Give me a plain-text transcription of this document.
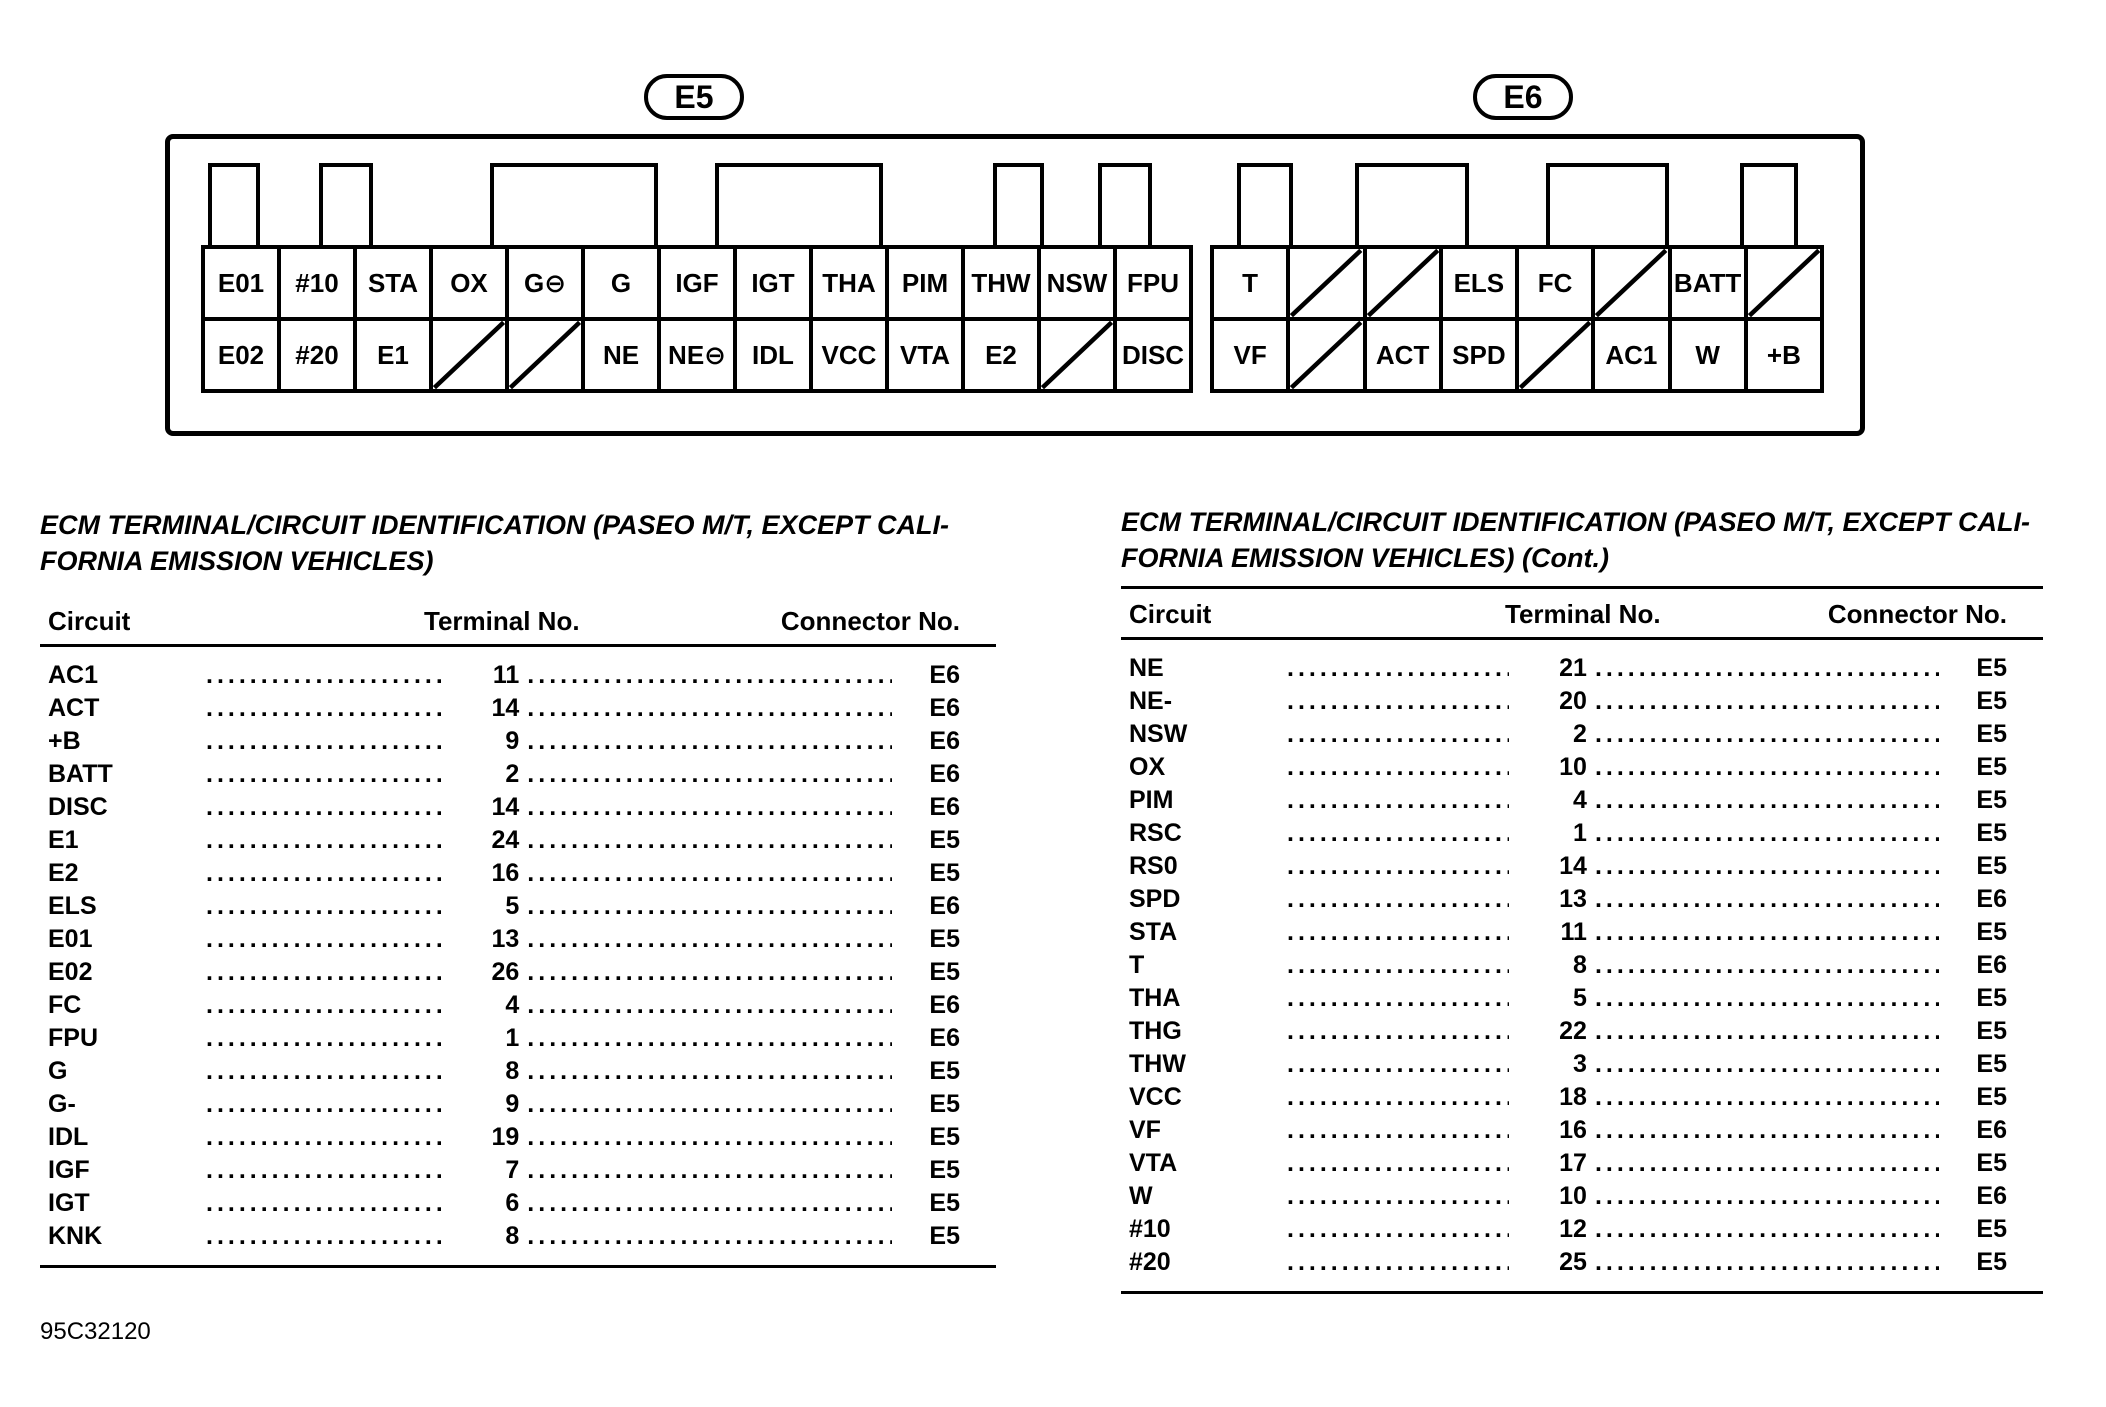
E5	E6
E01	#10	STA	OX	G⊖	G	IGF	IGT	THA	PIM	THW	NSW	FPU
E02	#20	E1			NE	NE⊖	IDL	VCC	VTA	E2		DISC
T			ELS	FC		BATT	

VF		ACT	SPD		AC1	W	+B
ECM TERMINAL/CIRCUIT IDENTIFICATION (PASEO M/T, EXCEPT CALI-
FORNIA EMISSION VEHICLES)
Circuit	Terminal No.	Connector No.
AC1 .....	11 .....	E6
ACT .....	14 .....	E6
+B .....	9 .....	E6
BATT .....	2 .....	E6
DISC .....	14 .....	E6
E1 .....	24 .....	E5
E2 .....	16 .....	E5
ELS .....	5 .....	E6
E01 .....	13 .....	E5
E02 .....	26 .....	E5
FC .....	4 .....	E6
FPU .....	1 .....	E6
G .....	8 .....	E5
G- .....	9 .....	E5
IDL .....	19 .....	E5
IGF .....	7 .....	E5
IGT .....	6 .....	E5
KNK .....	8 .....	E5
ECM TERMINAL/CIRCUIT IDENTIFICATION (PASEO M/T, EXCEPT CALI-
FORNIA EMISSION VEHICLES) (Cont.)
Circuit	Terminal No.	Connector No.
NE .....	21 .....	E5
NE- .....	20 .....	E5
NSW .....	2 .....	E5
OX .....	10 .....	E5
PIM .....	4 .....	E5
RSC .....	1 .....	E5
RS0 .....	14 .....	E5
SPD .....	13 .....	E6
STA .....	11 .....	E5
T .....	8 .....	E6
THA .....	5 .....	E5
THG .....	22 .....	E5
THW .....	3 .....	E5
VCC .....	18 .....	E5
VF .....	16 .....	E6
VTA .....	17 .....	E5
W .....	10 .....	E6
#10 .....	12 .....	E5
#20 .....	25 .....	E5
95C32120
